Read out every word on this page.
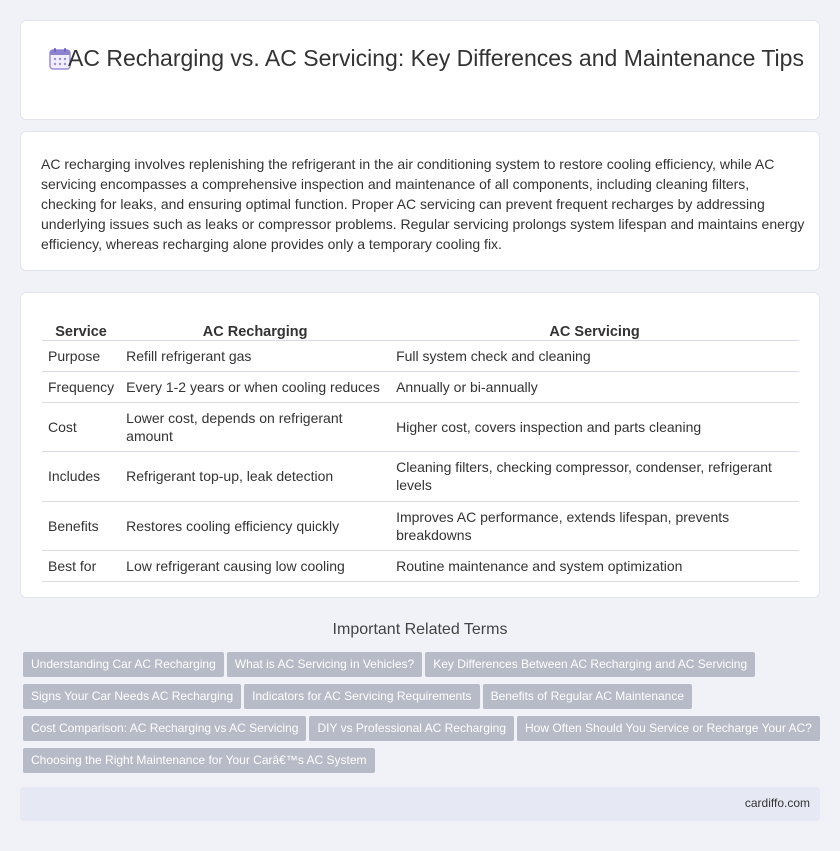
AC Recharging vs. AC Servicing: Key Differences and Maintenance Tips

AC recharging involves replenishing the refrigerant in the air conditioning system to restore cooling efficiency, while AC servicing encompasses a comprehensive inspection and maintenance of all components, including cleaning filters, checking for leaks, and ensuring optimal function. Proper AC servicing can prevent frequent recharges by addressing underlying issues such as leaks or compressor problems. Regular servicing prolongs system lifespan and maintains energy efficiency, whereas recharging alone provides only a temporary cooling fix.

Service	AC Recharging	AC Servicing
Purpose	Refill refrigerant gas	Full system check and cleaning
Frequency	Every 1-2 years or when cooling reduces	Annually or bi-annually
Cost	Lower cost, depends on refrigerant amount	Higher cost, covers inspection and parts cleaning
Includes	Refrigerant top-up, leak detection	Cleaning filters, checking compressor, condenser, refrigerant levels
Benefits	Restores cooling efficiency quickly	Improves AC performance, extends lifespan, prevents breakdowns
Best for	Low refrigerant causing low cooling	Routine maintenance and system optimization
Important Related Terms
Understanding Car AC Recharging What is AC Servicing in Vehicles? Key Differences Between AC Recharging and AC Servicing
Signs Your Car Needs AC Recharging Indicators for AC Servicing Requirements Benefits of Regular AC Maintenance
Cost Comparison: AC Recharging vs AC Servicing DIY vs Professional AC Recharging How Often Should You Service or Recharge Your AC?
Choosing the Right Maintenance for Your Carâ€™s AC System
cardiffo.com
